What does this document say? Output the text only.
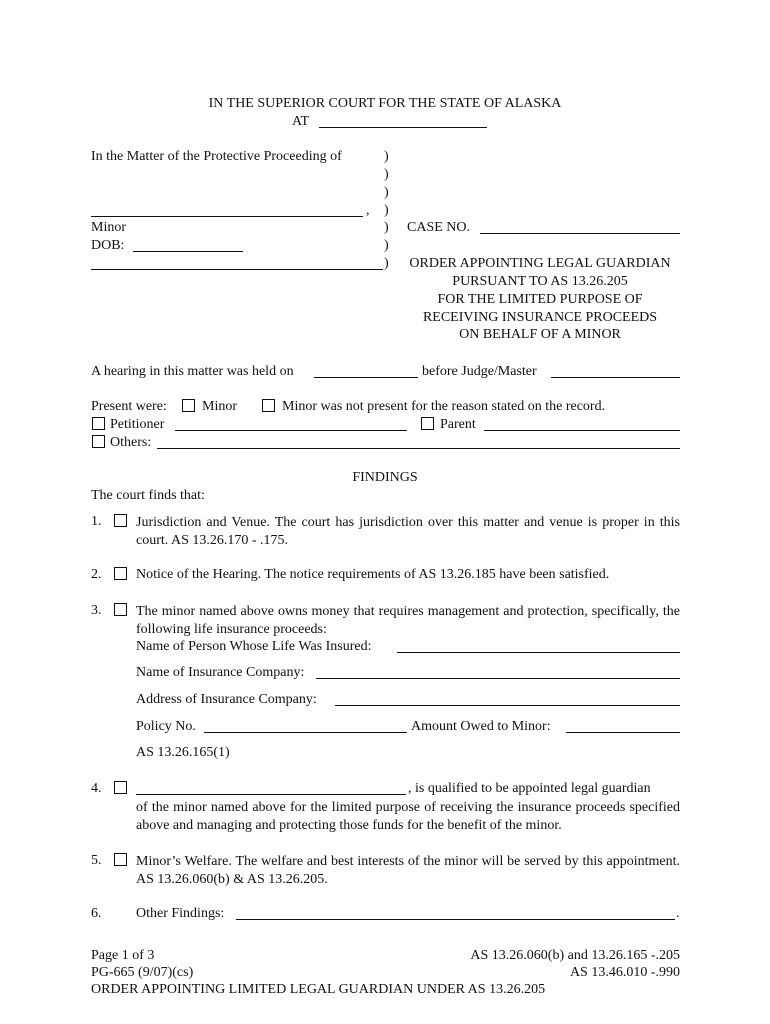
IN THE SUPERIOR COURT FOR THE STATE OF ALASKA
AT
In the Matter of the Protective Proceeding of
,
Minor
DOB:
)
)
)
)
)
)
)
CASE NO.
ORDER APPOINTING LEGAL GUARDIAN
PURSUANT TO AS 13.26.205
FOR THE LIMITED PURPOSE OF
RECEIVING INSURANCE PROCEEDS
ON BEHALF OF A MINOR
A hearing in this matter was held on	before Judge/Master
Present were:	Minor	Minor was not present for the reason stated on the record.
Petitioner	Parent
Others:
FINDINGS
The court finds that:
1. Jurisdiction and Venue. The court has jurisdiction over this matter and venue is proper in this court. AS 13.26.170 - .175.
2. Notice of the Hearing. The notice requirements of AS 13.26.185 have been satisfied.
3. The minor named above owns money that requires management and protection, specifically, the following life insurance proceeds:
Name of Person Whose Life Was Insured:
Name of Insurance Company:
Address of Insurance Company:
Policy No.	Amount Owed to Minor:
AS 13.26.165(1)
4.	, is qualified to be appointed legal guardian
of the minor named above for the limited purpose of receiving the insurance proceeds specified above and managing and protecting those funds for the benefit of the minor.
5. Minor’s Welfare. The welfare and best interests of the minor will be served by this appointment. AS 13.26.060(b) & AS 13.26.205.
6. Other Findings:	.
Page 1 of 3
PG-665 (9/07)(cs)
ORDER APPOINTING LIMITED LEGAL GUARDIAN UNDER AS 13.26.205
AS 13.26.060(b) and 13.26.165 -.205
AS 13.46.010 -.990
